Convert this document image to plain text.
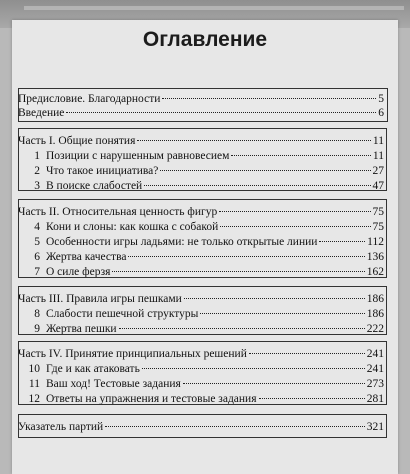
Оглавление
Предисловие. Благодарности	5
Введение	6
Часть I. Общие понятия	11
1 Позиции с нарушенным равновесием	11
2 Что такое инициатива?	27
3 В поиске слабостей	47
Часть II. Относительная ценность фигур	75
4 Кони и слоны: как кошка с собакой	75
5 Особенности игры ладьями: не только открытые линии	112
6 Жертва качества	136
7 О силе ферзя	162
Часть III. Правила игры пешками	186
8 Слабости пешечной структуры	186
9 Жертва пешки	222
Часть IV. Принятие принципиальных решений	241
10 Где и как атаковать	241
11 Ваш ход! Тестовые задания	273
12 Ответы на упражнения и тестовые задания	281
Указатель партий	321
